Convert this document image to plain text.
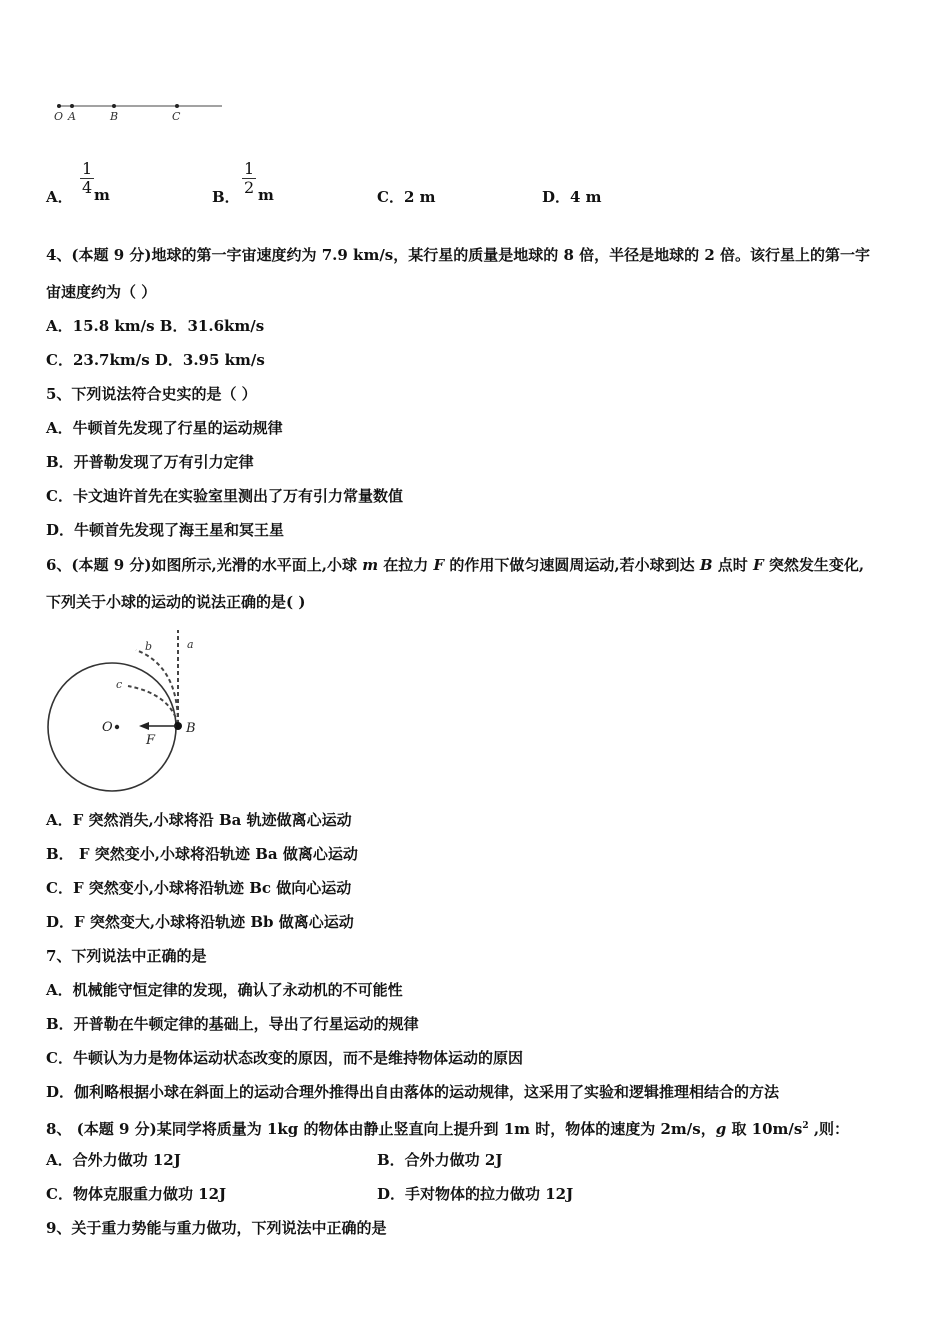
O A	B	C
A． $\frac{1}{4}$ m	B． $\frac{1}{2}$ m	C．2 m	D．4 m
4、(本题 9 分)地球的第一宇宙速度约为 7.9 km/s，某行星的质量是地球的 8 倍，半径是地球的 2 倍。该行星上的第一宇
宙速度约为（ ）
A．15.8 km/s B．31.6km/s
C．23.7km/s D．3.95 km/s
5、下列说法符合史实的是（ ）
A．牛顿首先发现了行星的运动规律
B．开普勒发现了万有引力定律
C．卡文迪许首先在实验室里测出了万有引力常量数值
D．牛顿首先发现了海王星和冥王星
6、(本题 9 分)如图所示,光滑的水平面上,小球 m 在拉力 F 的作用下做匀速圆周运动,若小球到达 B 点时 F 突然发生变化,
下列关于小球的运动的说法正确的是( )
a
b
c
O	B
F
A．F 突然消失,小球将沿 Ba 轨迹做离心运动
B． F 突然变小,小球将沿轨迹 Ba 做离心运动
C．F 突然变小,小球将沿轨迹 Bc 做向心运动
D．F 突然变大,小球将沿轨迹 Bb 做离心运动
7、下列说法中正确的是
A．机械能守恒定律的发现，确认了永动机的不可能性
B．开普勒在牛顿定律的基础上，导出了行星运动的规律
C．牛顿认为力是物体运动状态改变的原因，而不是维持物体运动的原因
D．伽利略根据小球在斜面上的运动合理外推得出自由落体的运动规律，这采用了实验和逻辑推理相结合的方法
8、 (本题 9 分)某同学将质量为 1kg 的物体由静止竖直向上提升到 1m 时，物体的速度为 2m/s，g 取 $10m/s^2$ ,则：
A．合外力做功 12J	B．合外力做功 2J
C．物体克服重力做功 12J	D．手对物体的拉力做功 12J
9、关于重力势能与重力做功，下列说法中正确的是
